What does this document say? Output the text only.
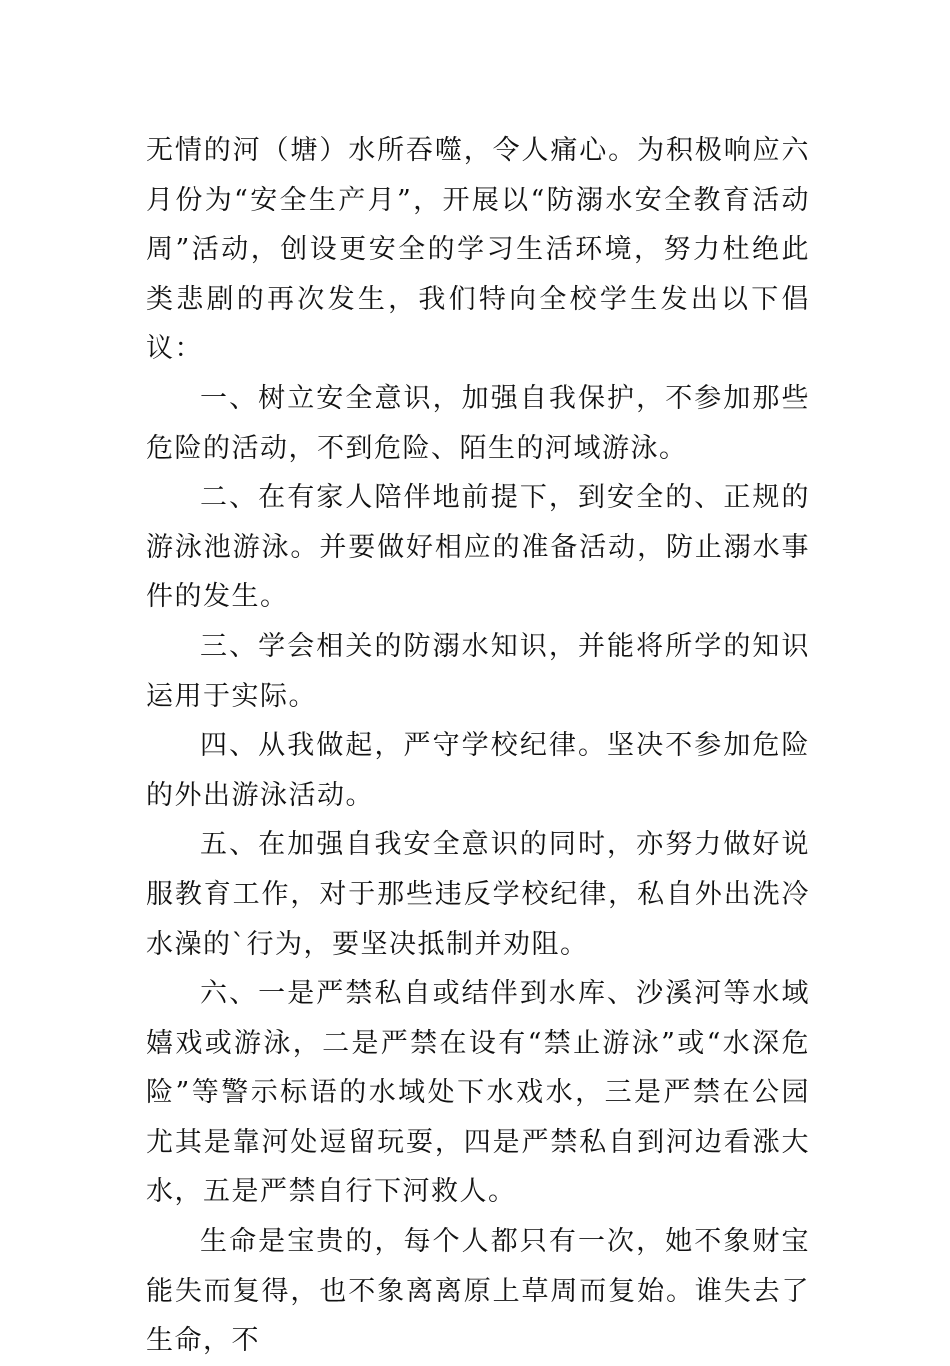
无情的河（塘）水所吞噬，令人痛心。为积极响应六月份为“安全生产月”，开展以“防溺水安全教育活动周”活动，创设更安全的学习生活环境，努力杜绝此类悲剧的再次发生，我们特向全校学生发出以下倡议：

一、树立安全意识，加强自我保护，不参加那些危险的活动，不到危险、陌生的河域游泳。

二、在有家人陪伴地前提下，到安全的、正规的游泳池游泳。并要做好相应的准备活动，防止溺水事件的发生。

三、学会相关的防溺水知识，并能将所学的知识运用于实际。

四、从我做起，严守学校纪律。坚决不参加危险的外出游泳活动。

五、在加强自我安全意识的同时，亦努力做好说服教育工作，对于那些违反学校纪律，私自外出洗冷水澡的`行为，要坚决抵制并劝阻。

六、一是严禁私自或结伴到水库、沙溪河等水域嬉戏或游泳，二是严禁在设有“禁止游泳”或“水深危险”等警示标语的水域处下水戏水，三是严禁在公园尤其是靠河处逗留玩耍，四是严禁私自到河边看涨大水，五是严禁自行下河救人。

生命是宝贵的，每个人都只有一次，她不象财宝能失而复得，也不象离离原上草周而复始。谁失去了生命，不
